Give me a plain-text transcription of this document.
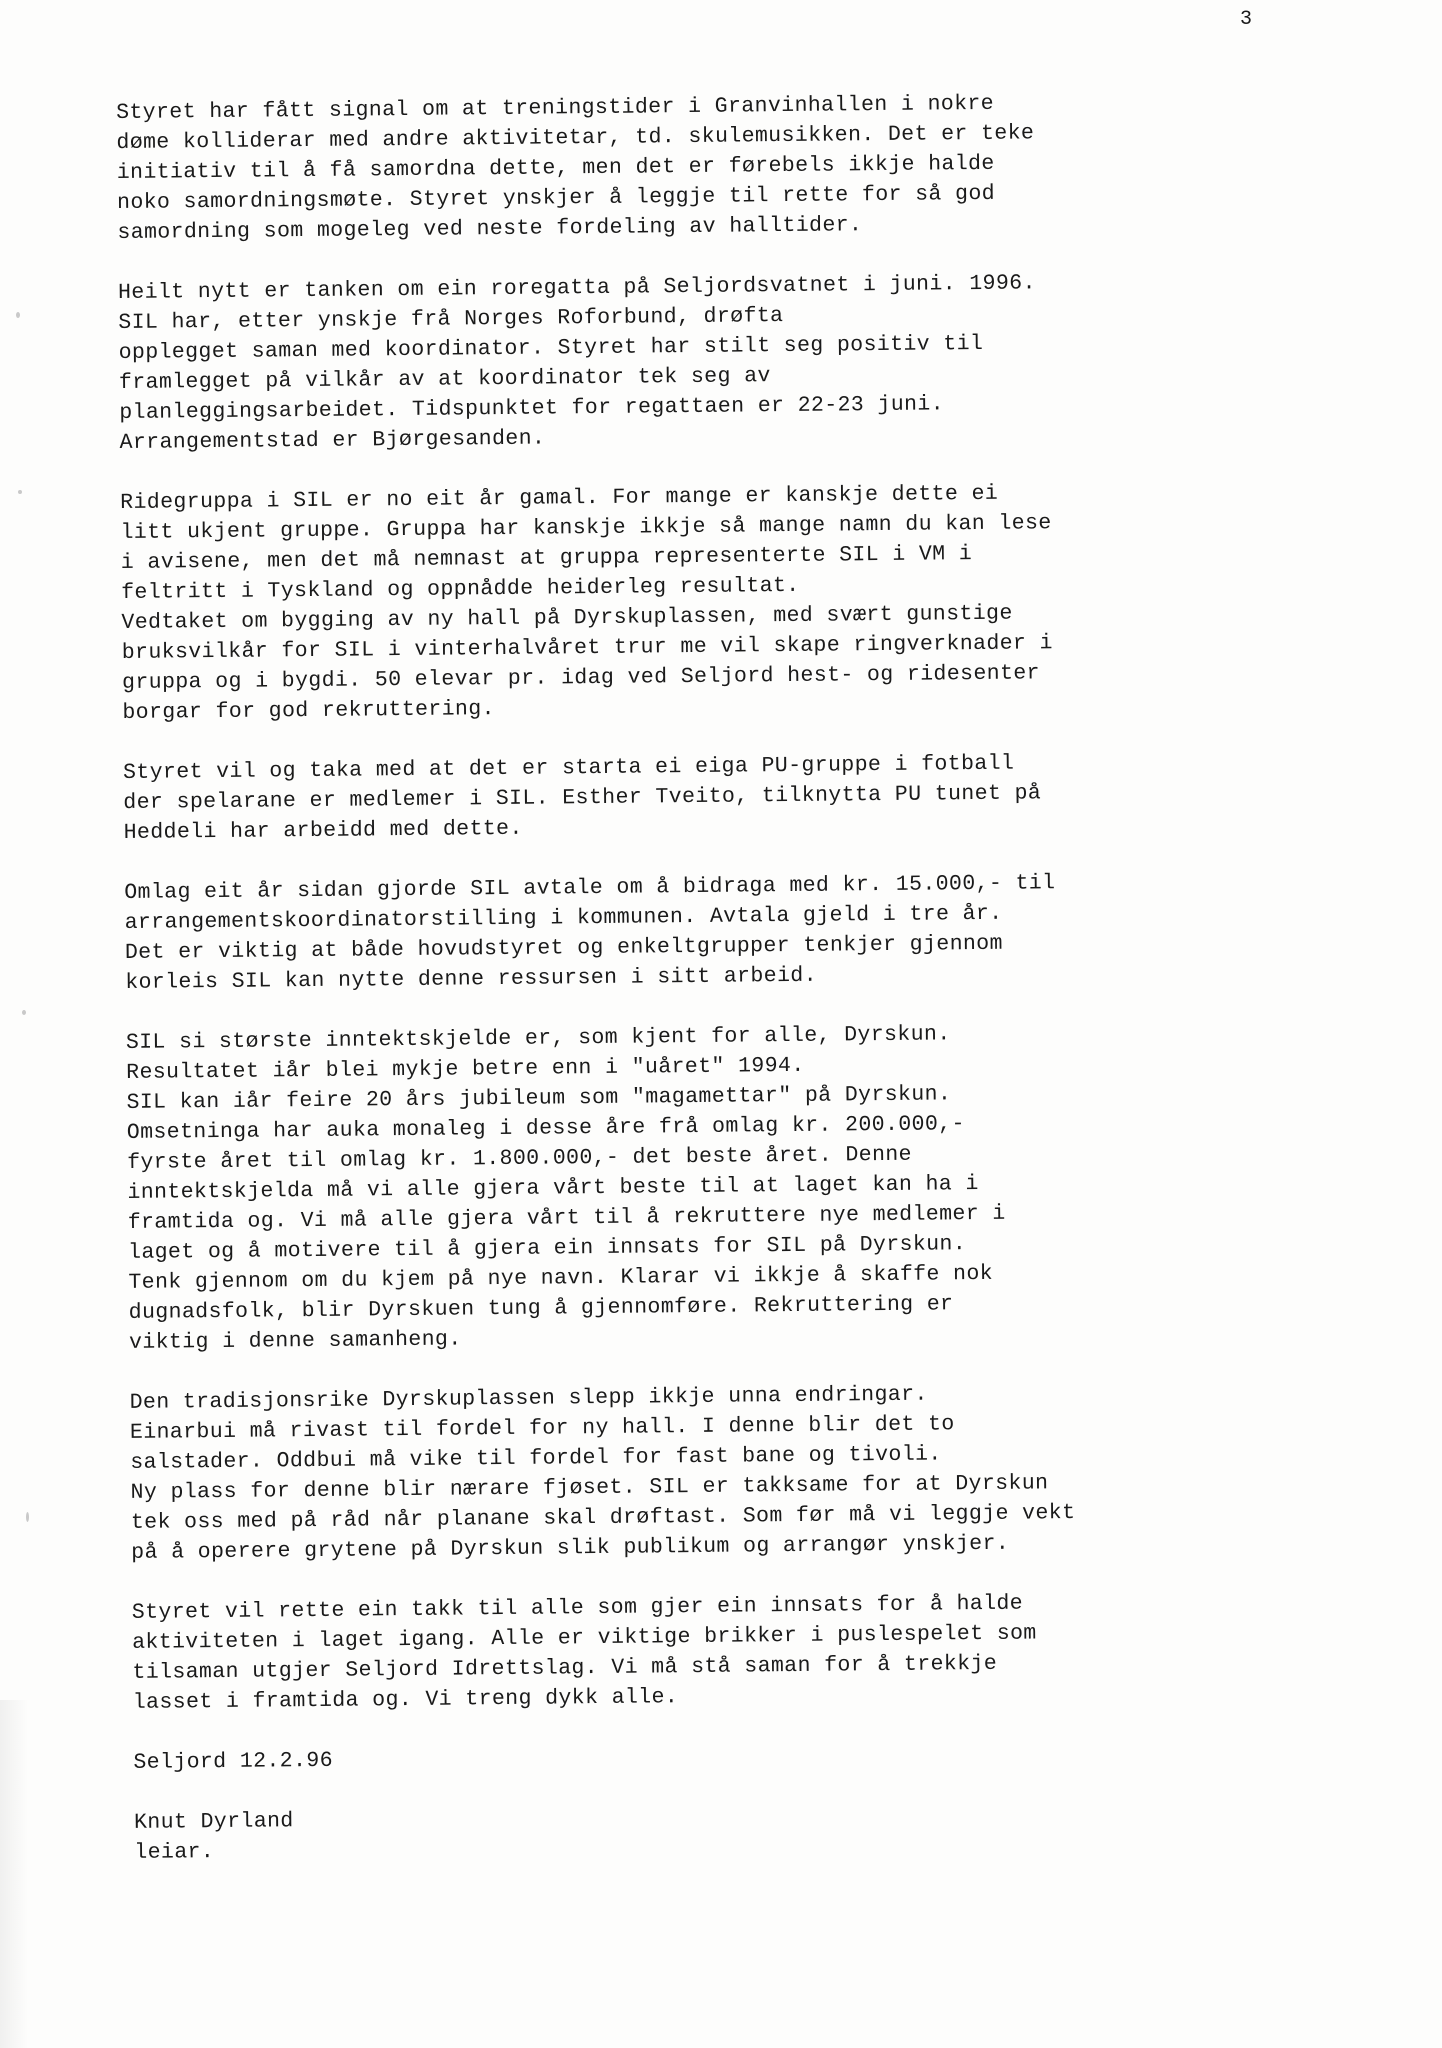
3
Styret har fått signal om at treningstider i Granvinhallen i nokre
døme kolliderar med andre aktivitetar, td. skulemusikken. Det er teke
initiativ til å få samordna dette, men det er førebels ikkje halde
noko samordningsmøte. Styret ynskjer å leggje til rette for så god
samordning som mogeleg ved neste fordeling av halltider.
Heilt nytt er tanken om ein roregatta på Seljordsvatnet i juni. 1996.
SIL har, etter ynskje frå Norges Roforbund, drøfta
opplegget saman med koordinator. Styret har stilt seg positiv til
framlegget på vilkår av at koordinator tek seg av
planleggingsarbeidet. Tidspunktet for regattaen er 22-23 juni.
Arrangementstad er Bjørgesanden.
Ridegruppa i SIL er no eit år gamal. For mange er kanskje dette ei
litt ukjent gruppe. Gruppa har kanskje ikkje så mange namn du kan lese
i avisene, men det må nemnast at gruppa representerte SIL i VM i
feltritt i Tyskland og oppnådde heiderleg resultat.
Vedtaket om bygging av ny hall på Dyrskuplassen, med svært gunstige
bruksvilkår for SIL i vinterhalvåret trur me vil skape ringverknader i
gruppa og i bygdi. 50 elevar pr. idag ved Seljord hest- og ridesenter
borgar for god rekruttering.
Styret vil og taka med at det er starta ei eiga PU-gruppe i fotball
der spelarane er medlemer i SIL. Esther Tveito, tilknytta PU tunet på
Heddeli har arbeidd med dette.
Omlag eit år sidan gjorde SIL avtale om å bidraga med kr. 15.000,- til
arrangementskoordinatorstilling i kommunen. Avtala gjeld i tre år.
Det er viktig at både hovudstyret og enkeltgrupper tenkjer gjennom
korleis SIL kan nytte denne ressursen i sitt arbeid.
SIL si største inntektskjelde er, som kjent for alle, Dyrskun.
Resultatet iår blei mykje betre enn i "uåret" 1994.
SIL kan iår feire 20 års jubileum som "magamettar" på Dyrskun.
Omsetninga har auka monaleg i desse åre frå omlag kr. 200.000,-
fyrste året til omlag kr. 1.800.000,- det beste året. Denne
inntektskjelda må vi alle gjera vårt beste til at laget kan ha i
framtida og. Vi må alle gjera vårt til å rekruttere nye medlemer i
laget og å motivere til å gjera ein innsats for SIL på Dyrskun.
Tenk gjennom om du kjem på nye navn. Klarar vi ikkje å skaffe nok
dugnadsfolk, blir Dyrskuen tung å gjennomføre. Rekruttering er
viktig i denne samanheng.
Den tradisjonsrike Dyrskuplassen slepp ikkje unna endringar.
Einarbui må rivast til fordel for ny hall. I denne blir det to
salstader. Oddbui må vike til fordel for fast bane og tivoli.
Ny plass for denne blir nærare fjøset. SIL er takksame for at Dyrskun
tek oss med på råd når planane skal drøftast. Som før må vi leggje vekt
på å operere grytene på Dyrskun slik publikum og arrangør ynskjer.
Styret vil rette ein takk til alle som gjer ein innsats for å halde
aktiviteten i laget igang. Alle er viktige brikker i puslespelet som
tilsaman utgjer Seljord Idrettslag. Vi må stå saman for å trekkje
lasset i framtida og. Vi treng dykk alle.
Seljord 12.2.96
Knut Dyrland
leiar.
